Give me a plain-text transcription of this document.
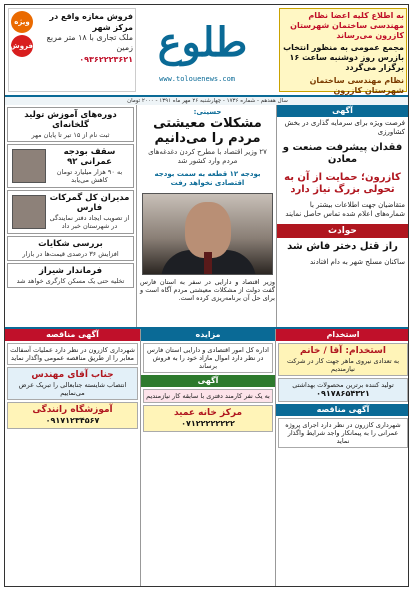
به اطلاع کلیه اعضا نظام مهندسی ساختمان شهرستان کازرون می‌رساند
مجمع عمومی به منظور انتخاب بازرس روز دوشنبه ساعت ۱۶ برگزار می‌گردد
نظام مهندسی ساختمان شهرستان کازرون
طلوع
www.tolouenews.com
ویژه
فروش
فروش مغازه واقع در مرکز شهر
ملک تجاری با ۱۸ متر مربع زمین
۰۹۳۶۲۲۲۳۶۲۱
سال هفدهم - شماره ۱۷۳۶ - چهارشنبه ۲۶ مهر ماه ۱۳۹۱ - ۲۰۰۰ تومان
آگهی
فرصت ویژه برای سرمایه گذاری در بخش کشاورزی
فقدان پیشرفت صنعت و معادن
کازرون؛ حمایت از آن به تحولی بزرگ نیاز دارد
متقاضیان جهت اطلاعات بیشتر با شماره‌های اعلام شده تماس حاصل نمایند
حوادث
راز قتل دختر فاش شد
ساکنان مسلح شهر به دام افتادند
حسینی:
مشکلات معیشتی مردم را می‌دانیم
۲۷ وزیر اقتصاد با مطرح کردن دغدغه‌های مردم وارد کشور شد
بودجه ۱۲ قطعه به سمت بودجه اقتصادی نخواهد رفت
وزیر اقتصاد و دارایی در سفر به استان فارس گفت دولت از مشکلات معیشتی مردم آگاه است و برای حل آن برنامه‌ریزی کرده است.
دوره‌های آموزش تولید گلخانه‌ای
ثبت نام از ۱۵ تیر تا پایان مهر
سقف بودجه عمرانی ۹۲
به ۹۰ هزار میلیارد تومان کاهش می‌یابد
مدیران کل گمرکات فارس
از تصویب ایجاد دفتر نمایندگی در شهرستان خبر داد
بررسی شکایات
افزایش ۳۶ درصدی قیمت‌ها در بازار
فرماندار شیراز
تخلیه حتی یک مسکن کارگری خواهد شد
استخدام
استخدام: آقا / خانم
به تعدادی نیروی ماهر جهت کار در شرکت نیازمندیم
تولید کننده برترین محصولات بهداشتی
۰۹۱۷۸۶۵۴۳۲۱
آگهی مناقصه
شهرداری کازرون در نظر دارد اجرای پروژه عمرانی را به پیمانکار واجد شرایط واگذار نماید
مزایده
اداره کل امور اقتصادی و دارایی استان فارس در نظر دارد اموال مازاد خود را به فروش برساند
آگهی
به یک نفر کارمند دفتری با سابقه کار نیازمندیم
مرکز خانه عمید
۰۷۱۲۲۲۲۲۲۲۲
آگهی مناقصه
شهرداری کازرون در نظر دارد عملیات آسفالت معابر را از طریق مناقصه عمومی واگذار نماید
جناب آقای مهندس
انتصاب شایسته جنابعالی را تبریک عرض می‌نماییم
آموزشگاه رانندگی
۰۹۱۷۱۲۳۴۵۶۷
